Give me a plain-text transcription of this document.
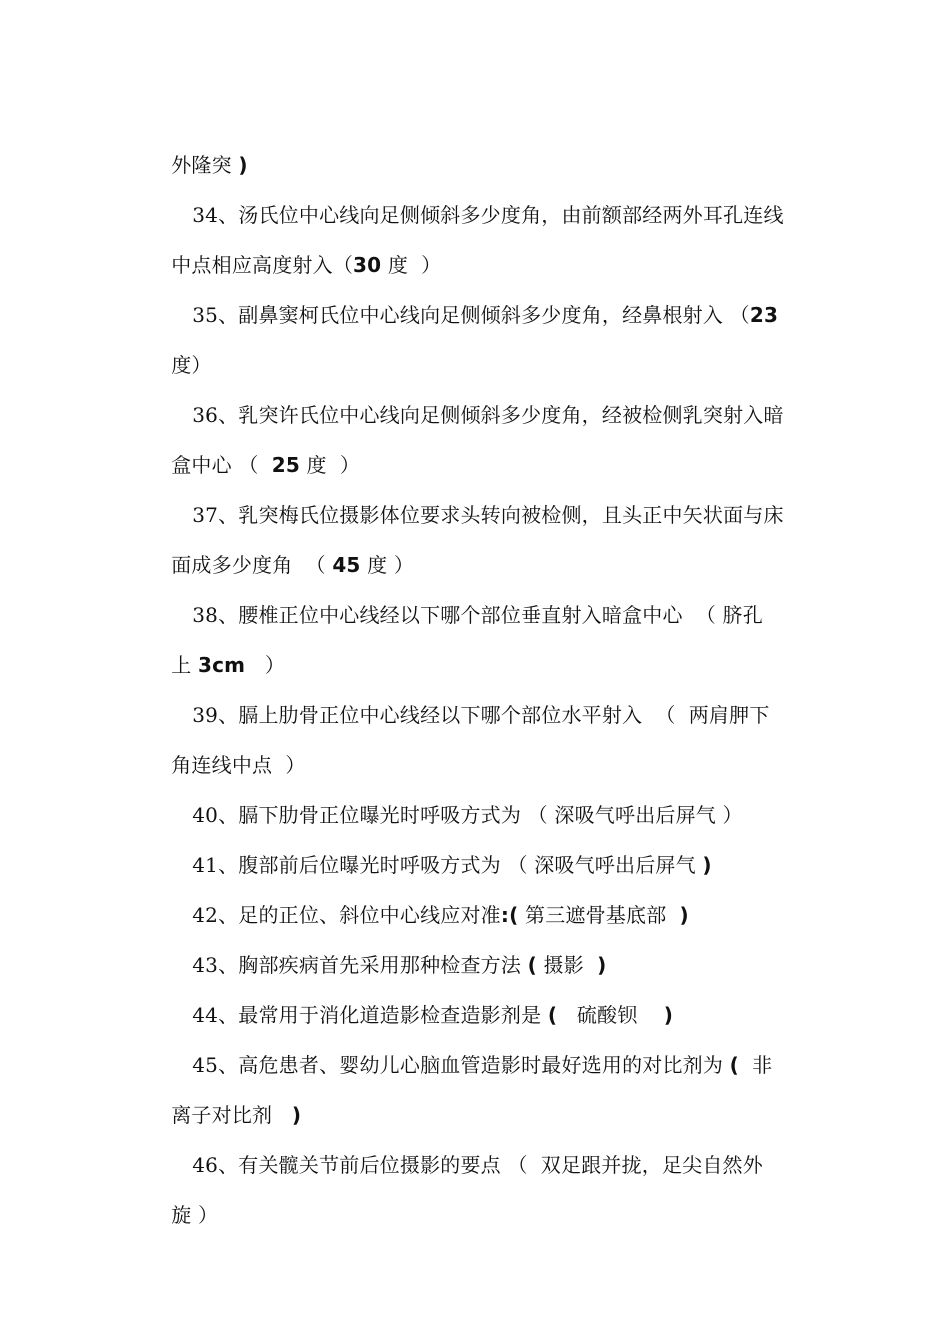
外隆突 )

34、汤氏位中心线向足侧倾斜多少度角，由前额部经两外耳孔连线

中点相应高度射入（30 度  ）

35、副鼻窦柯氏位中心线向足侧倾斜多少度角，经鼻根射入 （23

度）

36、乳突许氏位中心线向足侧倾斜多少度角，经被检侧乳突射入暗

盒中心 （  25 度  ）

37、乳突梅氏位摄影体位要求头转向被检侧，且头正中矢状面与床

面成多少度角  （ 45 度 ）

38、腰椎正位中心线经以下哪个部位垂直射入暗盒中心  （ 脐孔

上 3cm   ）

39、膈上肋骨正位中心线经以下哪个部位水平射入  （  两肩胛下

角连线中点  ）

40、膈下肋骨正位曝光时呼吸方式为 （ 深吸气呼出后屏气 ）

41、腹部前后位曝光时呼吸方式为 （ 深吸气呼出后屏气 )

42、足的正位、斜位中心线应对准:( 第三遮骨基底部  )

43、胸部疾病首先采用那种检查方法 ( 摄影  )

44、最常用于消化道造影检查造影剂是 (   硫酸钡    )

45、高危患者、婴幼儿心脑血管造影时最好选用的对比剂为 (  非

离子对比剂   )

46、有关髋关节前后位摄影的要点 （  双足跟并拢，足尖自然外

旋 ）
